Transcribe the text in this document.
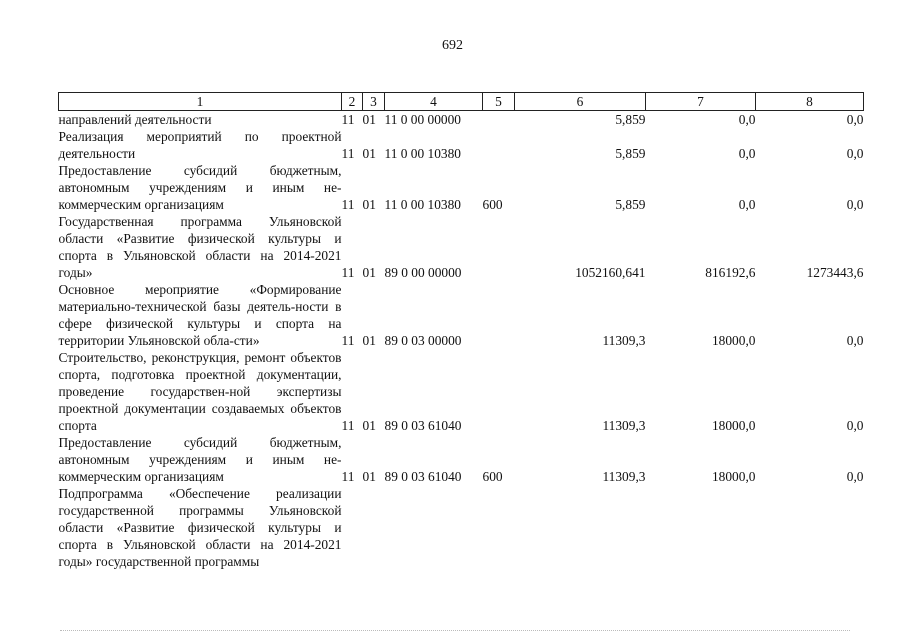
692
1	2	3	4	5	6	7	8
направлений деятельности	11	01	11 0 00 00000		5,859	0,0	0,0
Реализация мероприятий по проектной деятельности	11	01	11 0 00 10380		5,859	0,0	0,0
Предоставление субсидий бюджетным, автономным учреждениям и иным не-коммерческим организациям	11	01	11 0 00 10380	600	5,859	0,0	0,0
Государственная программа Ульяновской области «Развитие физической культуры и спорта в Ульяновской области на 2014-2021 годы»	11	01	89 0 00 00000		1052160,641	816192,6	1273443,6
Основное мероприятие «Формирование материально-технической базы деятель-ности в сфере физической культуры и спорта на территории Ульяновской обла-сти»	11	01	89 0 03 00000		11309,3	18000,0	0,0
Строительство, реконструкция, ремонт объектов спорта, подготовка проектной документации, проведение государствен-ной экспертизы проектной документации создаваемых объектов спорта	11	01	89 0 03 61040		11309,3	18000,0	0,0
Предоставление субсидий бюджетным, автономным учреждениям и иным не-коммерческим организациям	11	01	89 0 03 61040	600	11309,3	18000,0	0,0
Подпрограмма «Обеспечение реализации государственной программы Ульяновской области «Развитие физической культуры и спорта в Ульяновской области на 2014-2021 годы» государственной программы							
